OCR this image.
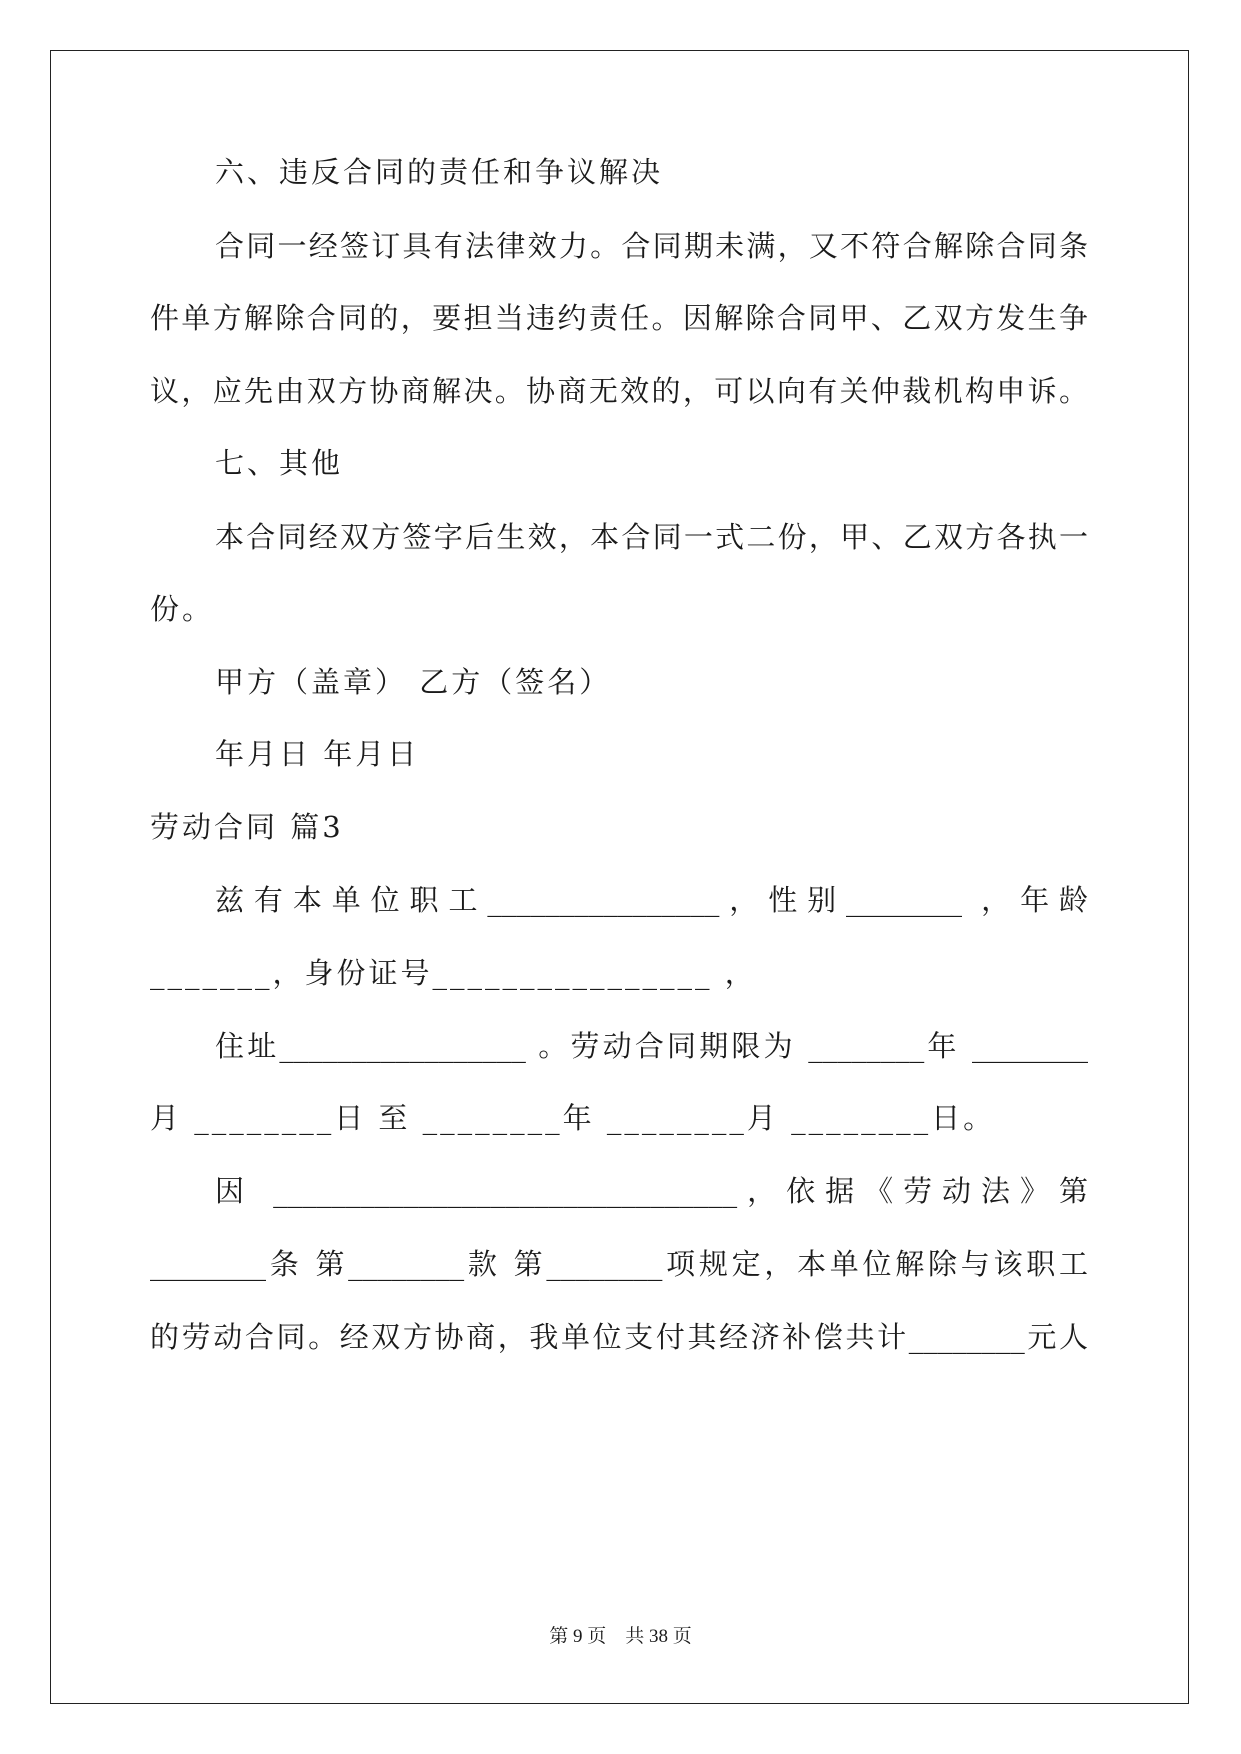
六、违反合同的责任和争议解决
合同一经签订具有法律效力。合同期未满，又不符合解除合同条
件单方解除合同的，要担当违约责任。因解除合同甲、乙双方发生争
议，应先由双方协商解决。协商无效的，可以向有关仲裁机构申诉。
七、其他
本合同经双方签字后生效，本合同一式二份，甲、乙双方各执一
份。
甲方（盖章） 乙方（签名）
年月日 年月日
劳动合同 篇3
兹有本单位职工________________，性别________ ，年龄
_______，身份证号________________ ，
住址_________________ 。劳动合同期限为 ________年 ________
月 ________日 至 ________年 ________月 ________日。
因 ________________________________，依据《劳动法》第
________条 第________款 第________项规定，本单位解除与该职工
的劳动合同。经双方协商，我单位支付其经济补偿共计________元人
第 9 页　共 38 页
